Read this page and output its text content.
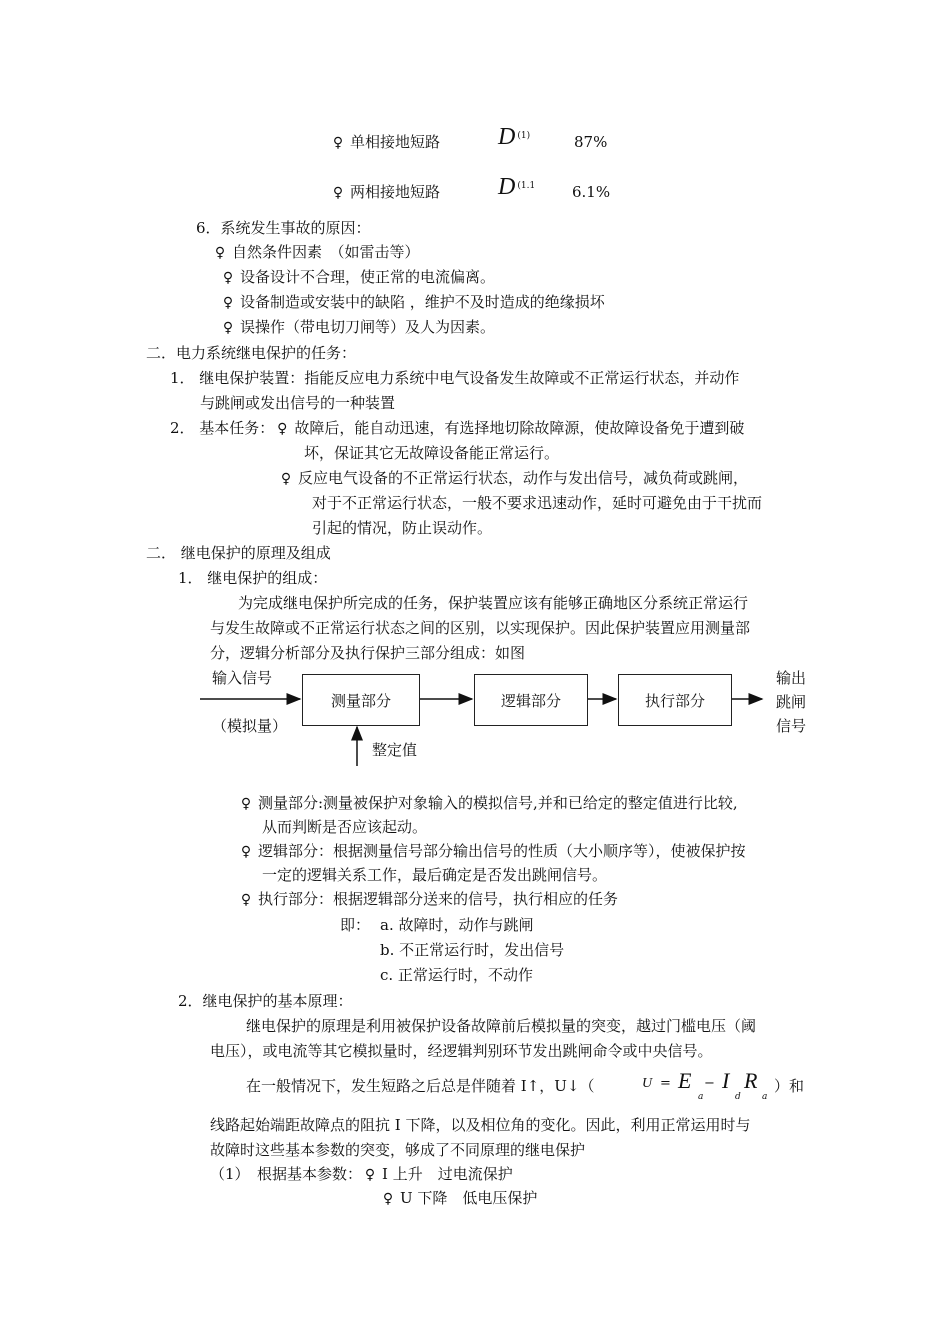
♀ 单相接地短路 D $^{(1)}$	87%
♀ 两相接地短路 D $^{(1.1}$ 6.1%
6．系统发生事故的原因：
♀ 自然条件因素　（如雷击等）
♀ 设备设计不合理，使正常的电流偏离。
♀ 设备制造或安装中的缺陷 ，维护不及时造成的绝缘损坏
♀ 误操作（带电切刀闸等）及人为因素。
二．电力系统继电保护的任务：
1． 继电保护装置：指能反应电力系统中电气设备发生故障或不正常运行状态，并动作
与跳闸或发出信号的一种装置
2． 基本任务： ♀ 故障后，能自动迅速，有选择地切除故障源，使故障设备免于遭到破
坏，保证其它无故障设备能正常运行。
♀ 反应电气设备的不正常运行状态，动作与发出信号，减负荷或跳闸，
对于不正常运行状态，一般不要求迅速动作，延时可避免由于干扰而
引起的情况，防止误动作。
二． 继电保护的原理及组成
1． 继电保护的组成：
为完成继电保护所完成的任务，保护装置应该有能够正确地区分系统正常运行
与发生故障或不正常运行状态之间的区别，以实现保护。因此保护装置应用测量部
分，逻辑分析部分及执行保护三部分组成：如图
输入信号
（模拟量）
测量部分	逻辑部分	执行部分
整定值
输出
跳闸
信号
♀ 测量部分:测量被保护对象输入的模拟信号,并和已给定的整定值进行比较,
从而判断是否应该起动。
♀ 逻辑部分：根据测量信号部分输出信号的性质（大小顺序等），使被保护按
一定的逻辑关系工作，最后确定是否发出跳闸信号。
♀ 执行部分：根据逻辑部分送来的信号，执行相应的任务
即： a. 故障时，动作与跳闸
b. 不正常运行时，发出信号
c. 正常运行时，不动作
2．继电保护的基本原理：
继电保护的原理是利用被保护设备故障前后模拟量的突变，越过门槛电压（阈
电压），或电流等其它模拟量时，经逻辑判别环节发出跳闸命令或中央信号。
在一般情况下，发生短路之后总是伴随着 I↑，U↓（	U = E
a
− I
d
R
a
）和
线路起始端距故障点的阻抗 I 下降，以及相位角的变化。因此，利用正常运用时与
故障时这些基本参数的突变，够成了不同原理的继电保护
（1）　根据基本参数： ♀ I 上升　过电流保护
♀ U 下降　低电压保护
